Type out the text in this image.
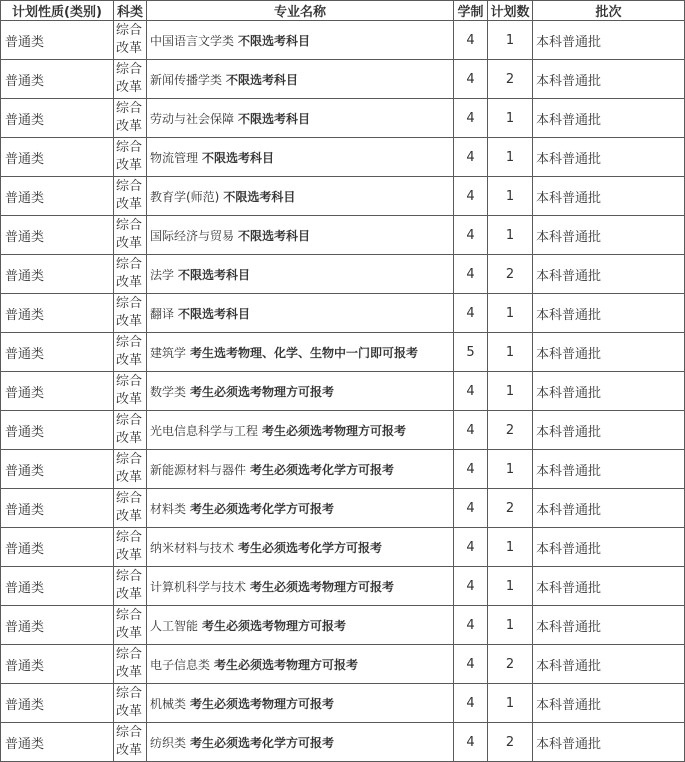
计划性质(类别)	科类	专业名称	学制	计划数	批次
普通类	综合改革	中国语言文学类 不限选考科目	4	1	本科普通批
普通类	综合改革	新闻传播学类 不限选考科目	4	2	本科普通批
普通类	综合改革	劳动与社会保障 不限选考科目	4	1	本科普通批
普通类	综合改革	物流管理 不限选考科目	4	1	本科普通批
普通类	综合改革	教育学(师范) 不限选考科目	4	1	本科普通批
普通类	综合改革	国际经济与贸易 不限选考科目	4	1	本科普通批
普通类	综合改革	法学 不限选考科目	4	2	本科普通批
普通类	综合改革	翻译 不限选考科目	4	1	本科普通批
普通类	综合改革	建筑学 考生选考物理、化学、生物中一门即可报考	5	1	本科普通批
普通类	综合改革	数学类 考生必须选考物理方可报考	4	1	本科普通批
普通类	综合改革	光电信息科学与工程 考生必须选考物理方可报考	4	2	本科普通批
普通类	综合改革	新能源材料与器件 考生必须选考化学方可报考	4	1	本科普通批
普通类	综合改革	材料类 考生必须选考化学方可报考	4	2	本科普通批
普通类	综合改革	纳米材料与技术 考生必须选考化学方可报考	4	1	本科普通批
普通类	综合改革	计算机科学与技术 考生必须选考物理方可报考	4	1	本科普通批
普通类	综合改革	人工智能 考生必须选考物理方可报考	4	1	本科普通批
普通类	综合改革	电子信息类 考生必须选考物理方可报考	4	2	本科普通批
普通类	综合改革	机械类 考生必须选考物理方可报考	4	1	本科普通批
普通类	综合改革	纺织类 考生必须选考化学方可报考	4	2	本科普通批
